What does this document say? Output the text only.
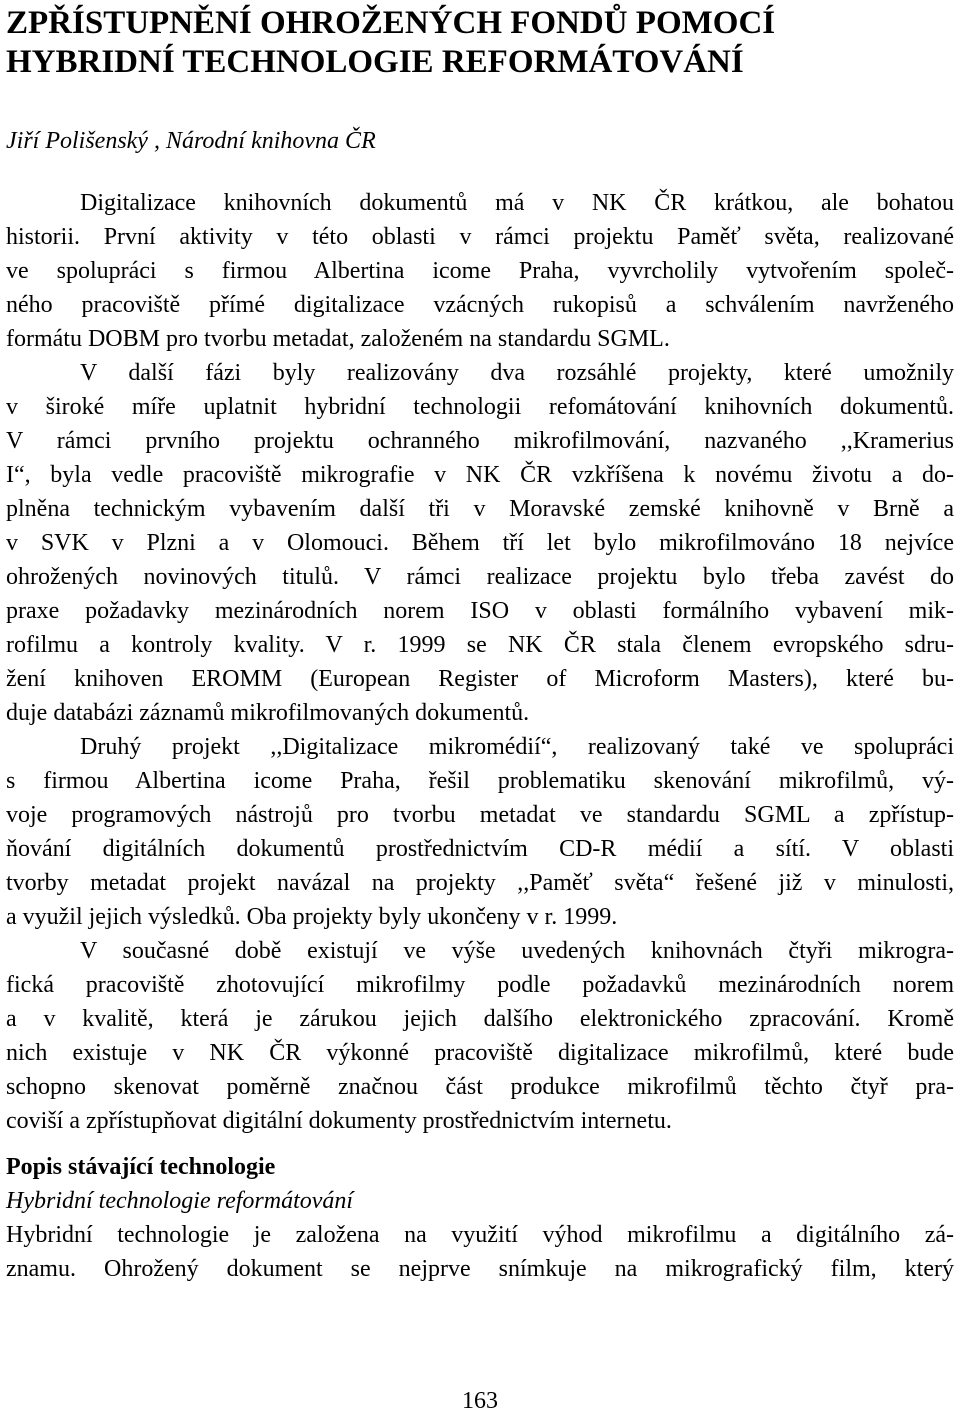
ZPŘÍSTUPNĚNÍ OHROŽENÝCH FONDŮ POMOCÍ
HYBRIDNÍ TECHNOLOGIE REFORMÁTOVÁNÍ
Jiří Polišenský , Národní knihovna ČR
Digitalizace knihovních dokumentů má v NK ČR krátkou, ale bohatou
historii. První aktivity v této oblasti v rámci projektu Paměť světa, realizované
ve spolupráci s firmou Albertina icome Praha, vyvrcholily vytvořením společ-
ného pracoviště přímé digitalizace vzácných rukopisů a schválením navrženého
formátu DOBM pro tvorbu metadat, založeném na standardu SGML.
V další fázi byly realizovány dva rozsáhlé projekty, které umožnily
v široké míře uplatnit hybridní technologii refomátování knihovních dokumentů.
V rámci prvního projektu ochranného mikrofilmování, nazvaného ,,Kramerius
I“, byla vedle pracoviště mikrografie v NK ČR vzkříšena k novému životu a do-
plněna technickým vybavením další tři v Moravské zemské knihovně v Brně a
v SVK v Plzni a v Olomouci. Během tří let bylo mikrofilmováno 18 nejvíce
ohrožených novinových titulů. V rámci realizace projektu bylo třeba zavést do
praxe požadavky mezinárodních norem ISO v oblasti formálního vybavení mik-
rofilmu a kontroly kvality. V r. 1999 se NK ČR stala členem evropského sdru-
žení knihoven EROMM (European Register of Microform Masters), které bu-
duje databázi záznamů mikrofilmovaných dokumentů.
Druhý projekt ,,Digitalizace mikromédií“, realizovaný také ve spolupráci
s firmou Albertina icome Praha, řešil problematiku skenování mikrofilmů, vý-
voje programových nástrojů pro tvorbu metadat ve standardu SGML a zpřístup-
ňování digitálních dokumentů prostřednictvím CD-R médií a sítí. V oblasti
tvorby metadat projekt navázal na projekty ,,Paměť světa“ řešené již v minulosti,
a využil jejich výsledků. Oba projekty byly ukončeny v r. 1999.
V současné době existují ve výše uvedených knihovnách čtyři mikrogra-
fická pracoviště zhotovující mikrofilmy podle požadavků mezinárodních norem
a v kvalitě, která je zárukou jejich dalšího elektronického zpracování. Kromě
nich existuje v NK ČR výkonné pracoviště digitalizace mikrofilmů, které bude
schopno skenovat poměrně značnou část produkce mikrofilmů těchto čtyř pra-
coviší a zpřístupňovat digitální dokumenty prostřednictvím internetu.
Popis stávající technologie
Hybridní technologie reformátování
Hybridní technologie je založena na využití výhod mikrofilmu a digitálního zá-
znamu. Ohrožený dokument se nejprve snímkuje na mikrografický film, který
163
